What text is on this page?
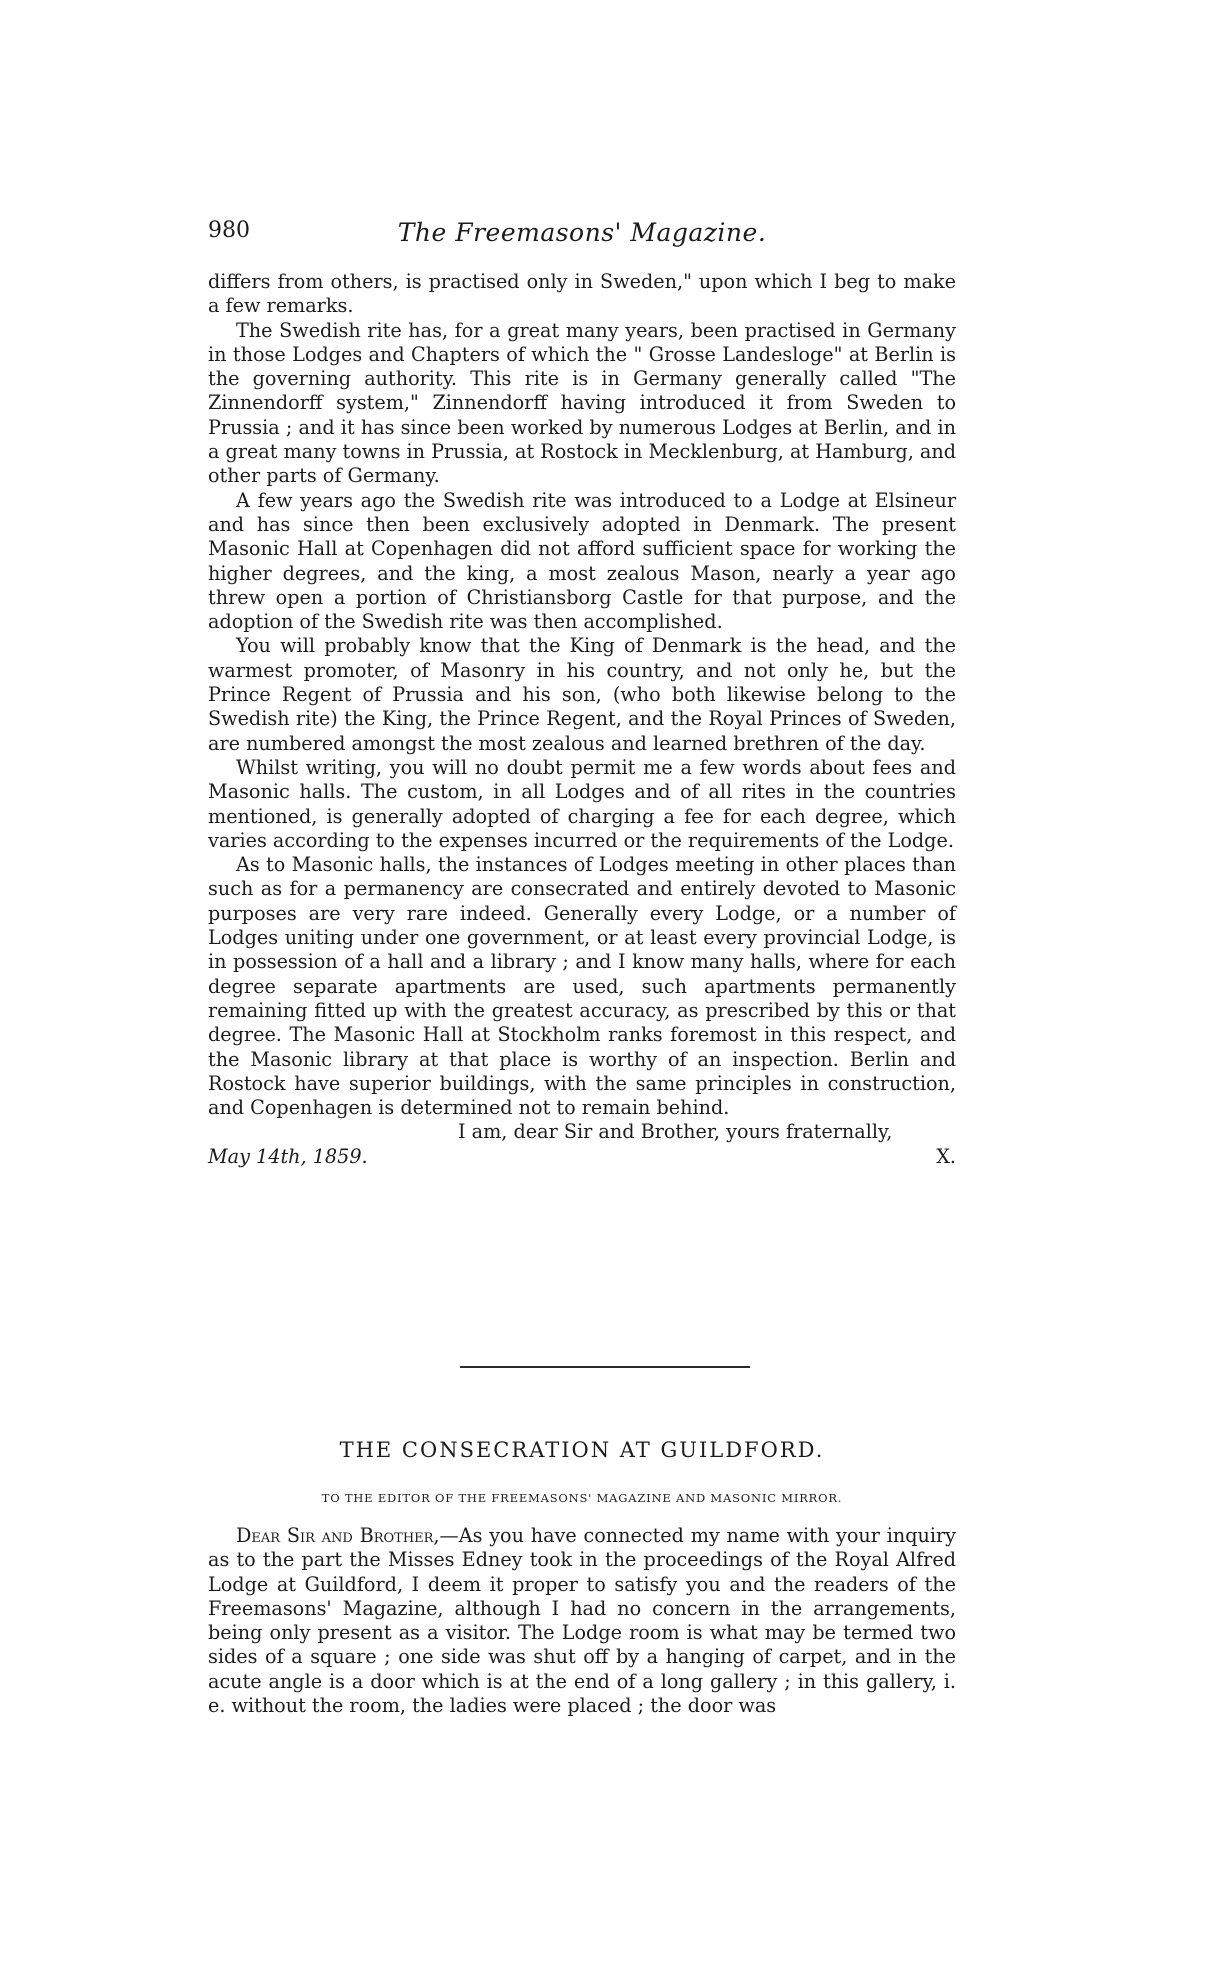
980	The Freemasons' Magazine.

differs from others, is practised only in Sweden," upon which I beg to make a few remarks.

The Swedish rite has, for a great many years, been practised in Germany in those Lodges and Chapters of which the " Grosse Landesloge" at Berlin is the governing authority. This rite is in Germany generally called "The Zinnendorff system," Zinnendorff having introduced it from Sweden to Prussia ; and it has since been worked by numerous Lodges at Berlin, and in a great many towns in Prussia, at Rostock in Mecklenburg, at Hamburg, and other parts of Germany.

A few years ago the Swedish rite was introduced to a Lodge at Elsineur and has since then been exclusively adopted in Denmark. The present Masonic Hall at Copenhagen did not afford sufficient space for working the higher degrees, and the king, a most zealous Mason, nearly a year ago threw open a portion of Christiansborg Castle for that purpose, and the adoption of the Swedish rite was then accomplished.

You will probably know that the King of Denmark is the head, and the warmest promoter, of Masonry in his country, and not only he, but the Prince Regent of Prussia and his son, (who both likewise belong to the Swedish rite) the King, the Prince Regent, and the Royal Princes of Sweden, are numbered amongst the most zealous and learned brethren of the day.

Whilst writing, you will no doubt permit me a few words about fees and Masonic halls. The custom, in all Lodges and of all rites in the countries mentioned, is generally adopted of charging a fee for each degree, which varies according to the expenses incurred or the requirements of the Lodge.

As to Masonic halls, the instances of Lodges meeting in other places than such as for a permanency are consecrated and entirely devoted to Masonic purposes are very rare indeed. Generally every Lodge, or a number of Lodges uniting under one government, or at least every provincial Lodge, is in possession of a hall and a library ; and I know many halls, where for each degree separate apartments are used, such apartments permanently remaining fitted up with the greatest accuracy, as prescribed by this or that degree. The Masonic Hall at Stockholm ranks foremost in this respect, and the Masonic library at that place is worthy of an inspection. Berlin and Rostock have superior buildings, with the same principles in construction, and Copenhagen is determined not to remain behind.

I am, dear Sir and Brother, yours fraternally,
May 14th, 1859.	X.
THE CONSECRATION AT GUILDFORD.
TO THE EDITOR OF THE FREEMASONS' MAGAZINE AND MASONIC MIRROR.

Dear Sir and Brother,—As you have connected my name with your inquiry as to the part the Misses Edney took in the proceedings of the Royal Alfred Lodge at Guildford, I deem it proper to satisfy you and the readers of the Freemasons' Magazine, although I had no concern in the arrangements, being only present as a visitor. The Lodge room is what may be termed two sides of a square ; one side was shut off by a hanging of carpet, and in the acute angle is a door which is at the end of a long gallery ; in this gallery, i. e. without the room, the ladies were placed ; the door was
